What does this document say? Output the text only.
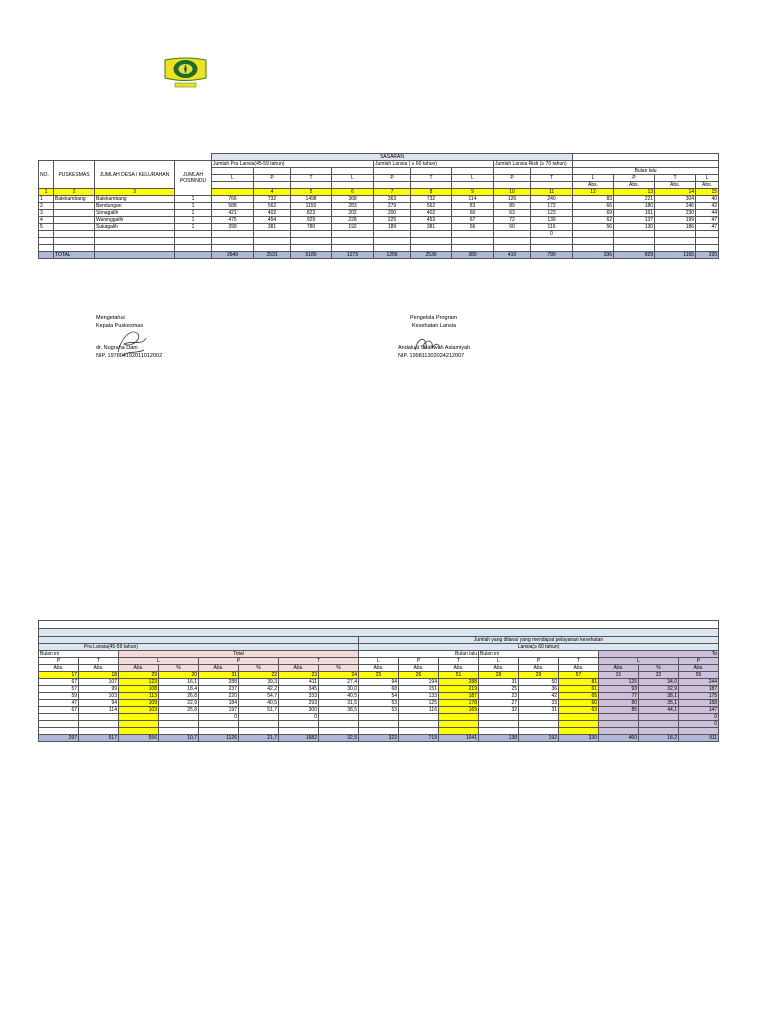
				SASARAN													
NO.	PUSKESMAS	JUMLAH DESA / KELURAHAN	JUMLAH POSBINDU	Jumlah Pra Lansia(45-59 tahun)				Jumlah Lansia ( ≥ 60 tahun)			Jumlah Lansia Risti (≥ 70 tahun)						
													Bulan lalu				
				L	P	T	L	P	T	L	P	T	L	P	T	L	
													Abs.	Abs.	Abs.	Abs.	
1	2	3			4	5	6	7	8	9	10	11	12	13	14	15	
1	Balekambang	Balekambang	1	766	732	1498	368	363	732	114	126	240	83	221	304	40	
2		Bendungan	1	588	562	1150	283	279	562	83	89	172	66	180	246	42	
3		Sirnagalih	1	421	402	823	202	200	402	60	63	123	69	161	230	44	
4		Waninggalih	1	475	454	929	228	225	453	67	72	139	62	137	199	47	
5		Sukagalih	1	399	381	780	192	189	381	56	60	116	56	130	186	47	
												0					

	TOTAL			2649	2531	5180	1273	1256	2530	380	410	790	336	829	1165	220	
Mengetahui
Kepala Puskesmas
dr. Nugraha Dani
NIP. 197804192011012002
Pengelola Program
Kesehatan Lansia
Andalusi Shahwah Aslamiyah
NIP. 199811302024212007

								Jumlah yang dilana/ yang mendapat pelayanan kesehatan								
Pra Lansia(45-59 tahun)								Lansia(≥ 60 tahun)								
Bulan ini		Total						Bulan lalu			Bulan ini			To		
P	T	L		P		T		L	P	T	L	P	T	L		P
Abs.	Abs.	Abs.	%	Abs.	%	Abs.	%	Abs.	Abs.	Abs.	Abs.	Abs.	Abs.	Abs.	%	Abs.
17	18	29	20	31	22	23	24	25	26	51	28	29	57	31	32	55
67	107	123	16,1	288	39,3	411	27,4	94	194	288	31	50	81	125	34,0	244
57	99	108	18,4	237	42,2	345	30,0	68	151	219	25	36	61	93	32,9	187
59	103	113	26,8	220	54,7	333	40,5	54	133	187	23	42	65	77	38,1	175
47	94	109	22,9	184	40,5	293	31,5	53	125	178	27	33	60	80	35,1	158
67	114	103	25,8	197	51,7	300	38,5	53	116	169	32	31	63	85	44,1	147
				0		0										0
																0

297	517	556	10,7	1126	21,7	1682	32,5	322	719	1041	138	192	330	460	18,2	911
